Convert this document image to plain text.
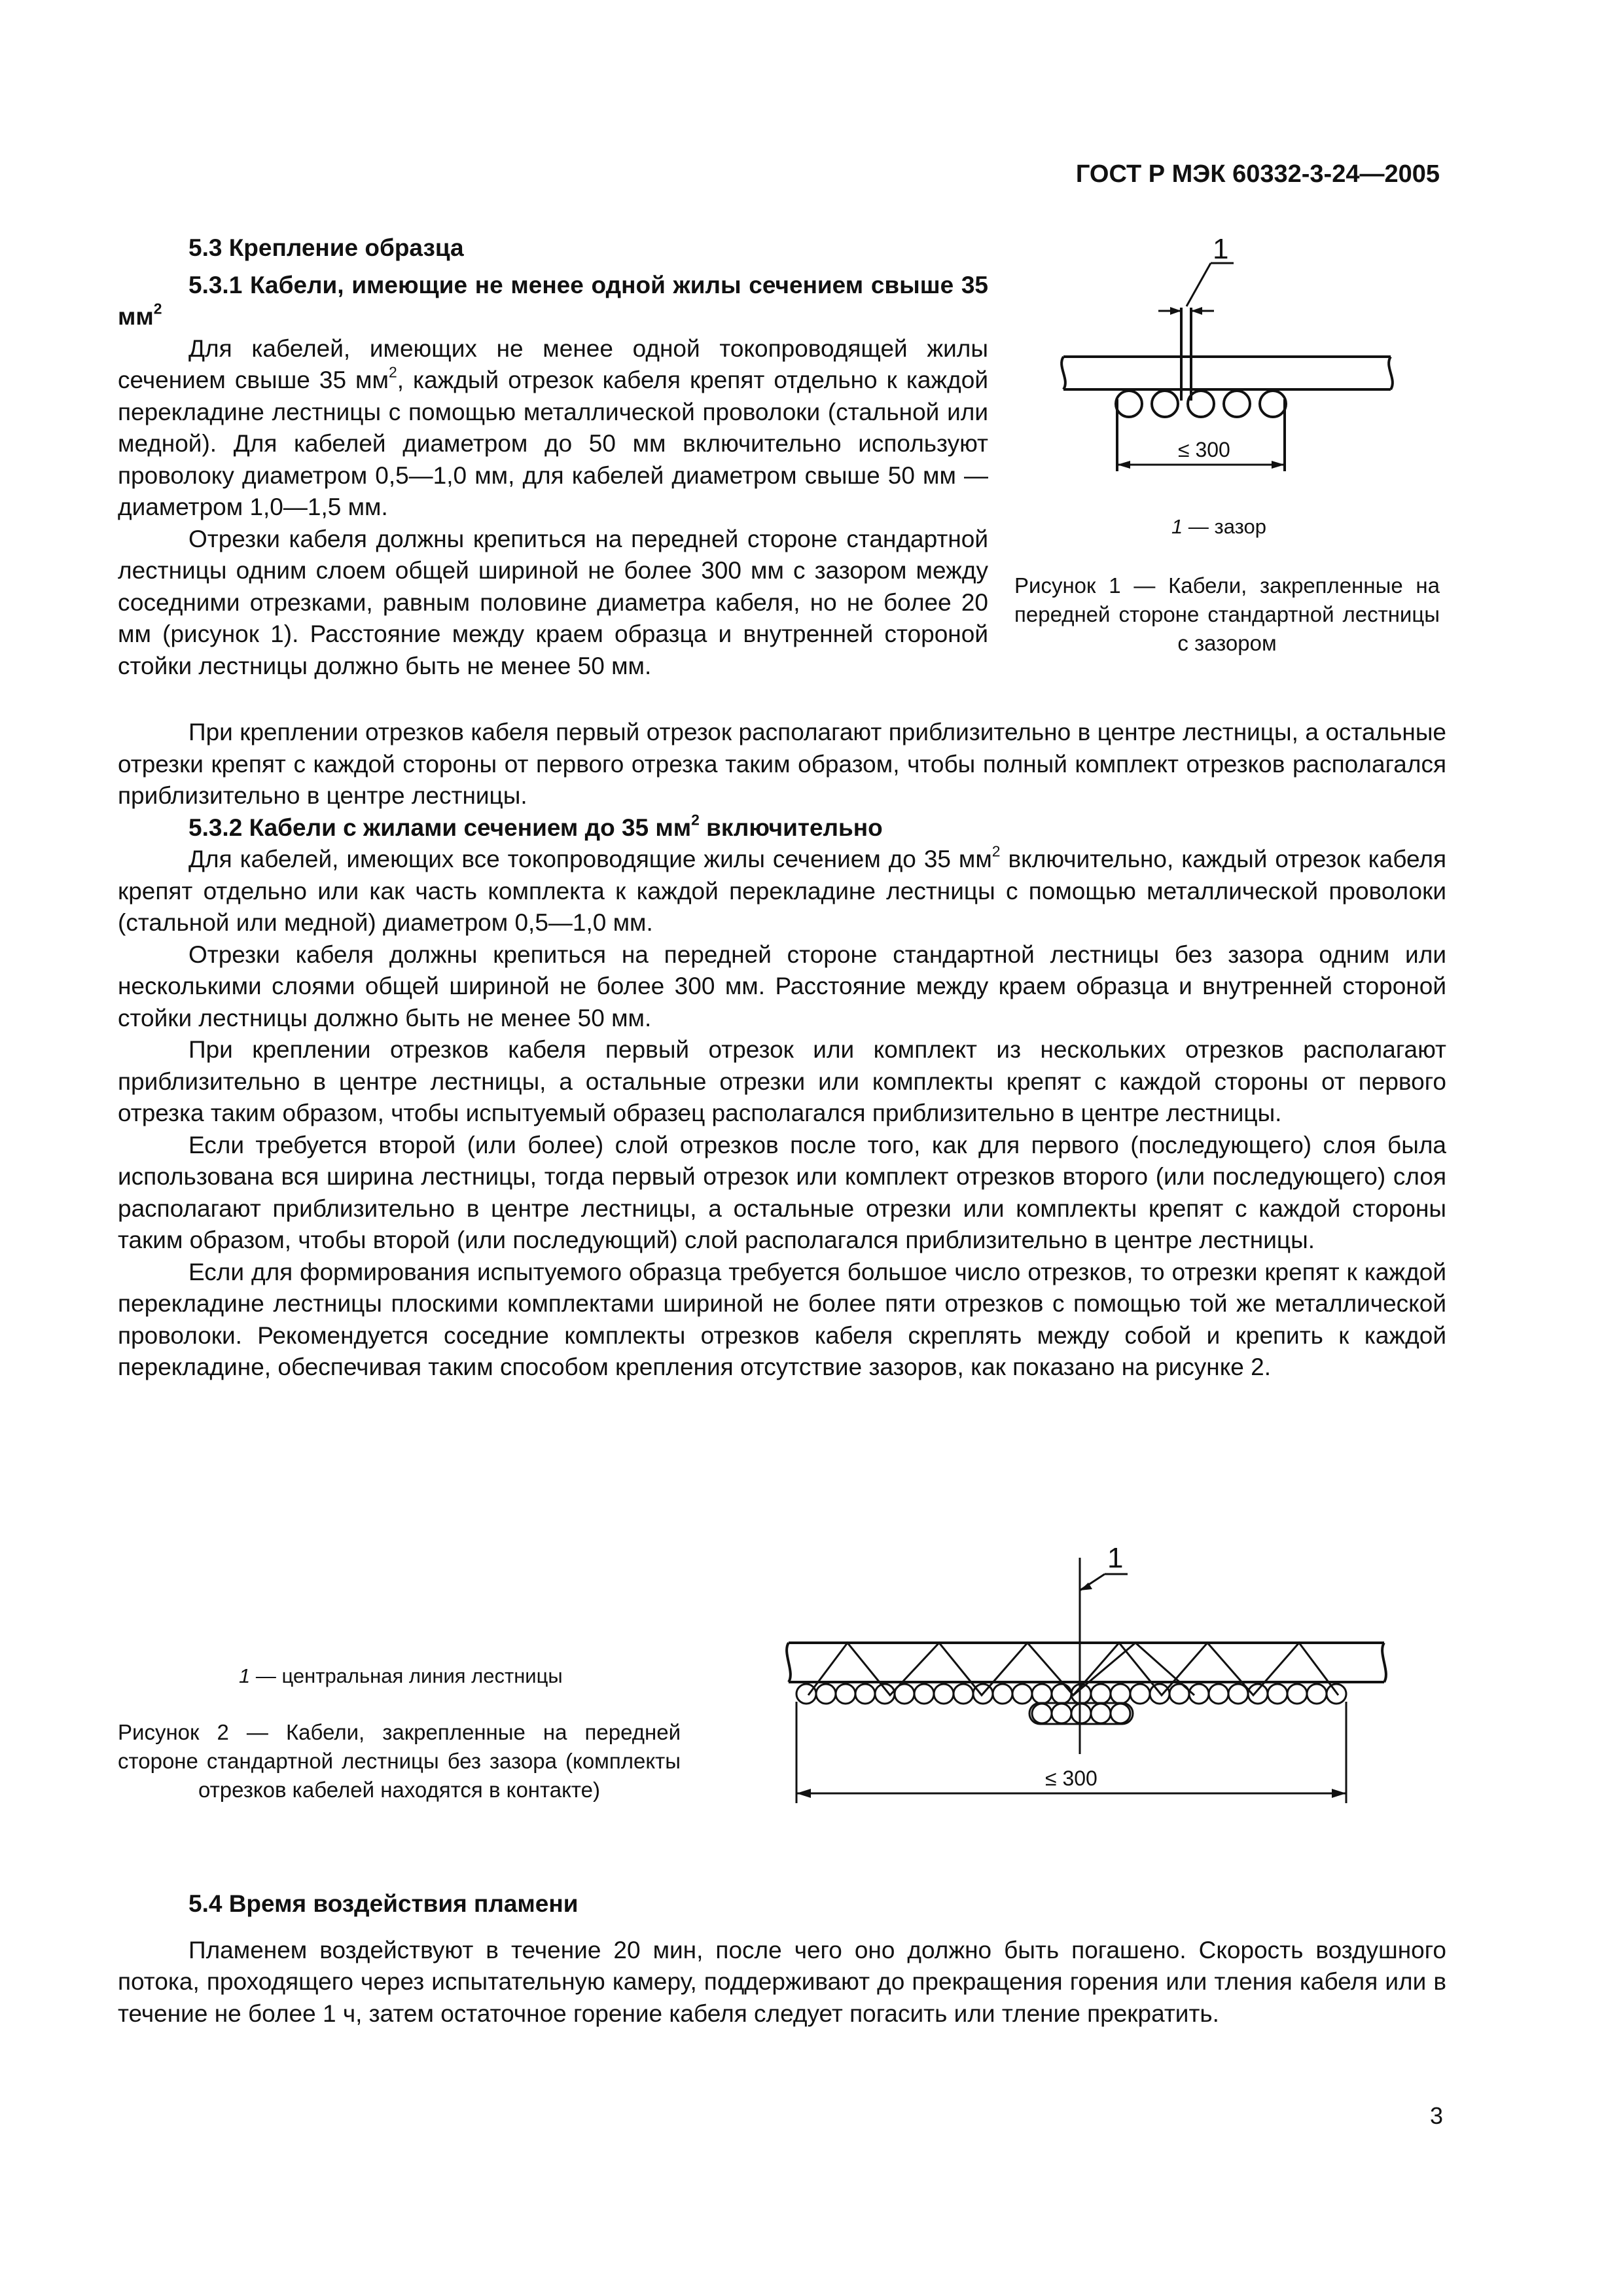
ГОСТ Р МЭК 60332-3-24—2005

5.3 Крепление образца

5.3.1 Кабели, имеющие не менее одной жилы сечением свыше 35 $мм^2$

Для кабелей, имеющих не менее одной токопроводящей жилы сечением свыше 35 $мм^2$, каждый отрезок кабеля крепят отдельно к каждой перекладине лестницы с помощью металлической проволоки (стальной или медной). Для кабелей диаметром до 50 мм включительно используют проволоку диаметром 0,5—1,0 мм, для кабелей диаметром свыше 50 мм — диаметром 1,0—1,5 мм.

Отрезки кабеля должны крепиться на передней стороне стандартной лестницы одним слоем общей шириной не более 300 мм с зазором между соседними отрезками, равным половине диаметра кабеля, но не более 20 мм (рисунок 1). Расстояние между краем образца и внутренней стороной стойки лестницы должно быть не менее 50 мм.

При креплении отрезков кабеля первый отрезок располагают приблизительно в центре лестницы, а остальные отрезки крепят с каждой стороны от первого отрезка таким образом, чтобы полный комплект отрезков располагался приблизительно в центре лестницы.

5.3.2 Кабели с жилами сечением до 35 $мм^2$ включительно

Для кабелей, имеющих все токопроводящие жилы сечением до 35 $мм^2$ включительно, каждый отрезок кабеля крепят отдельно или как часть комплекта к каждой перекладине лестницы с помощью металлической проволоки (стальной или медной) диаметром 0,5—1,0 мм.

Отрезки кабеля должны крепиться на передней стороне стандартной лестницы без зазора одним или несколькими слоями общей шириной не более 300 мм. Расстояние между краем образца и внутренней стороной стойки лестницы должно быть не менее 50 мм.

При креплении отрезков кабеля первый отрезок или комплект из нескольких отрезков располагают приблизительно в центре лестницы, а остальные отрезки или комплекты крепят с каждой стороны от первого отрезка таким образом, чтобы испытуемый образец располагался приблизительно в центре лестницы.

Если требуется второй (или более) слой отрезков после того, как для первого (последующего) слоя была использована вся ширина лестницы, тогда первый отрезок или комплект отрезков второго (или последующего) слоя располагают приблизительно в центре лестницы, а остальные отрезки или комплекты крепят с каждой стороны таким образом, чтобы второй (или последующий) слой располагался приблизительно в центре лестницы.

Если для формирования испытуемого образца требуется большое число отрезков, то отрезки крепят к каждой перекладине лестницы плоскими комплектами шириной не более пяти отрезков с помощью той же металлической проволоки. Рекомендуется соседние комплекты отрезков кабеля скреплять между собой и крепить к каждой перекладине, обеспечивая таким способом крепления отсутствие зазоров, как показано на рисунке 2.

1
≤ 300
1 — зазор
Рисунок 1 — Кабели, закрепленные на передней стороне стандартной лестницы с зазором
1
≤ 300
1 — центральная линия лестницы
Рисунок 2 — Кабели, закрепленные на передней стороне стандартной лестницы без зазора (комплекты отрезков кабелей находятся в контакте)

5.4 Время воздействия пламени

Пламенем воздействуют в течение 20 мин, после чего оно должно быть погашено. Скорость воздушного потока, проходящего через испытательную камеру, поддерживают до прекращения горения или тления кабеля или в течение не более 1 ч, затем остаточное горение кабеля следует погасить или тление прекратить.

3
